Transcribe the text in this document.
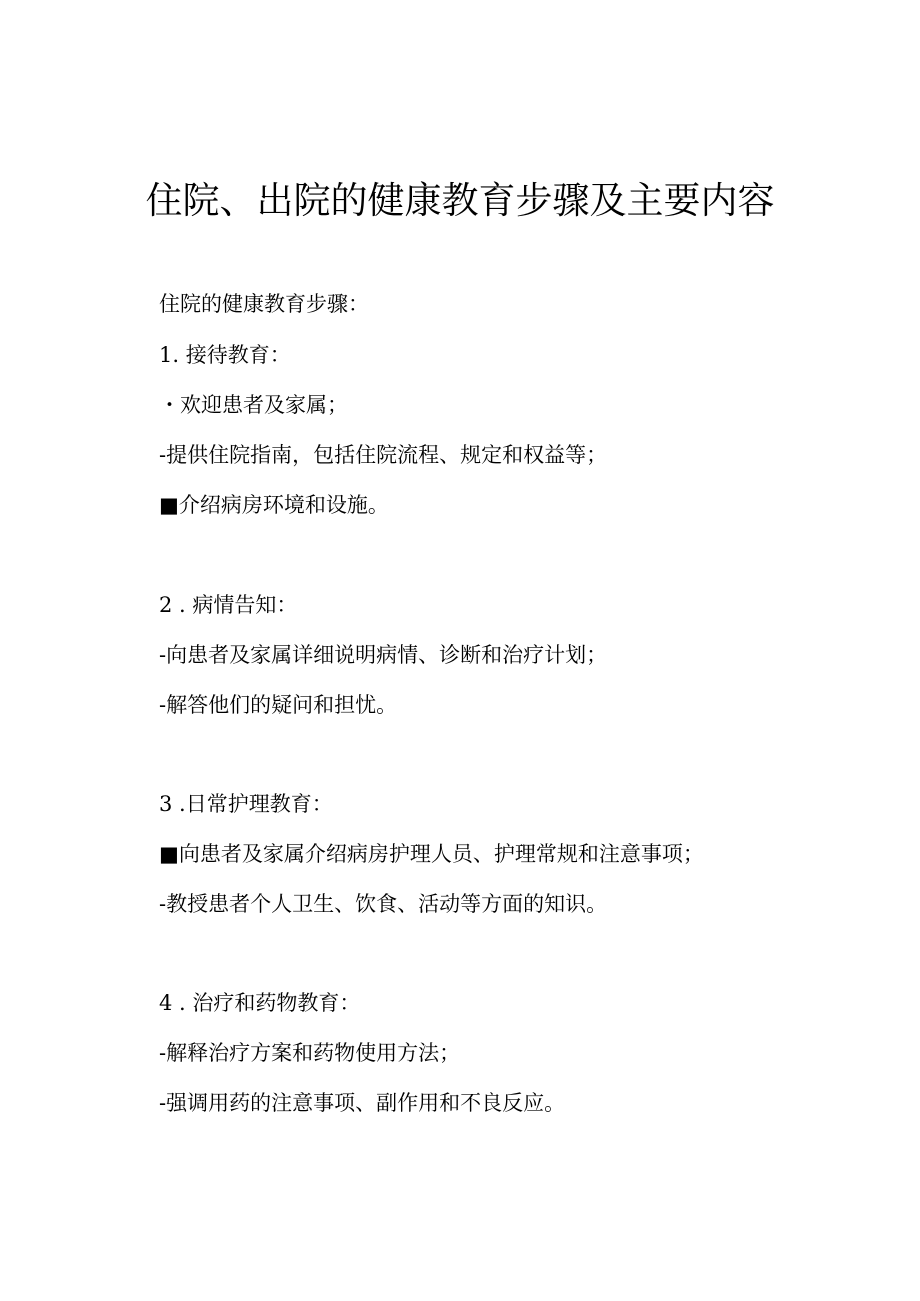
住院、出院的健康教育步骤及主要内容
住院的健康教育步骤：
1. 接待教育：
・欢迎患者及家属；
-提供住院指南，包括住院流程、规定和权益等；
■介绍病房环境和设施。
2 . 病情告知：
-向患者及家属详细说明病情、诊断和治疗计划；
-解答他们的疑问和担忧。
3 .日常护理教育：
■向患者及家属介绍病房护理人员、护理常规和注意事项；
-教授患者个人卫生、饮食、活动等方面的知识。
4 . 治疗和药物教育：
-解释治疗方案和药物使用方法；
-强调用药的注意事项、副作用和不良反应。
